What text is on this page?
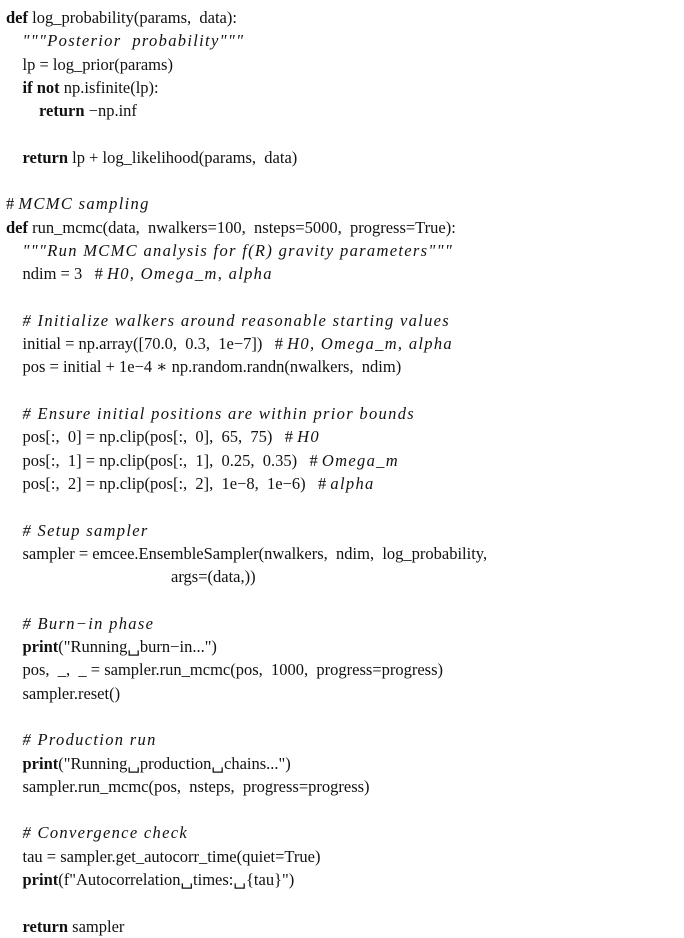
def log_probability(params,  data):
"""Posterior  probability"""
lp = log_prior(params)
if not np.isfinite(lp):
return −np.inf
return lp + log_likelihood(params,  data)
# MCMC sampling
def run_mcmc(data,  nwalkers=100,  nsteps=5000,  progress=True):
"""Run MCMC analysis for f(R) gravity parameters"""
ndim = 3   # H0, Omega_m, alpha
# Initialize walkers around reasonable starting values
initial = np.array([70.0,  0.3,  1e−7])   # H0, Omega_m, alpha
pos = initial + 1e−4 ∗ np.random.randn(nwalkers,  ndim)
# Ensure initial positions are within prior bounds
pos[:,  0] = np.clip(pos[:,  0],  65,  75)   # H0
pos[:,  1] = np.clip(pos[:,  1],  0.25,  0.35)   # Omega_m
pos[:,  2] = np.clip(pos[:,  2],  1e−8,  1e−6)   # alpha
# Setup sampler
sampler = emcee.EnsembleSampler(nwalkers,  ndim,  log_probability,
args=(data,))
# Burn−in phase
print("Running␣burn−in...")
pos,  _,  _ = sampler.run_mcmc(pos,  1000,  progress=progress)
sampler.reset()
# Production run
print("Running␣production␣chains...")
sampler.run_mcmc(pos,  nsteps,  progress=progress)
# Convergence check
tau = sampler.get_autocorr_time(quiet=True)
print(f"Autocorrelation␣times:␣{tau}")
return sampler
